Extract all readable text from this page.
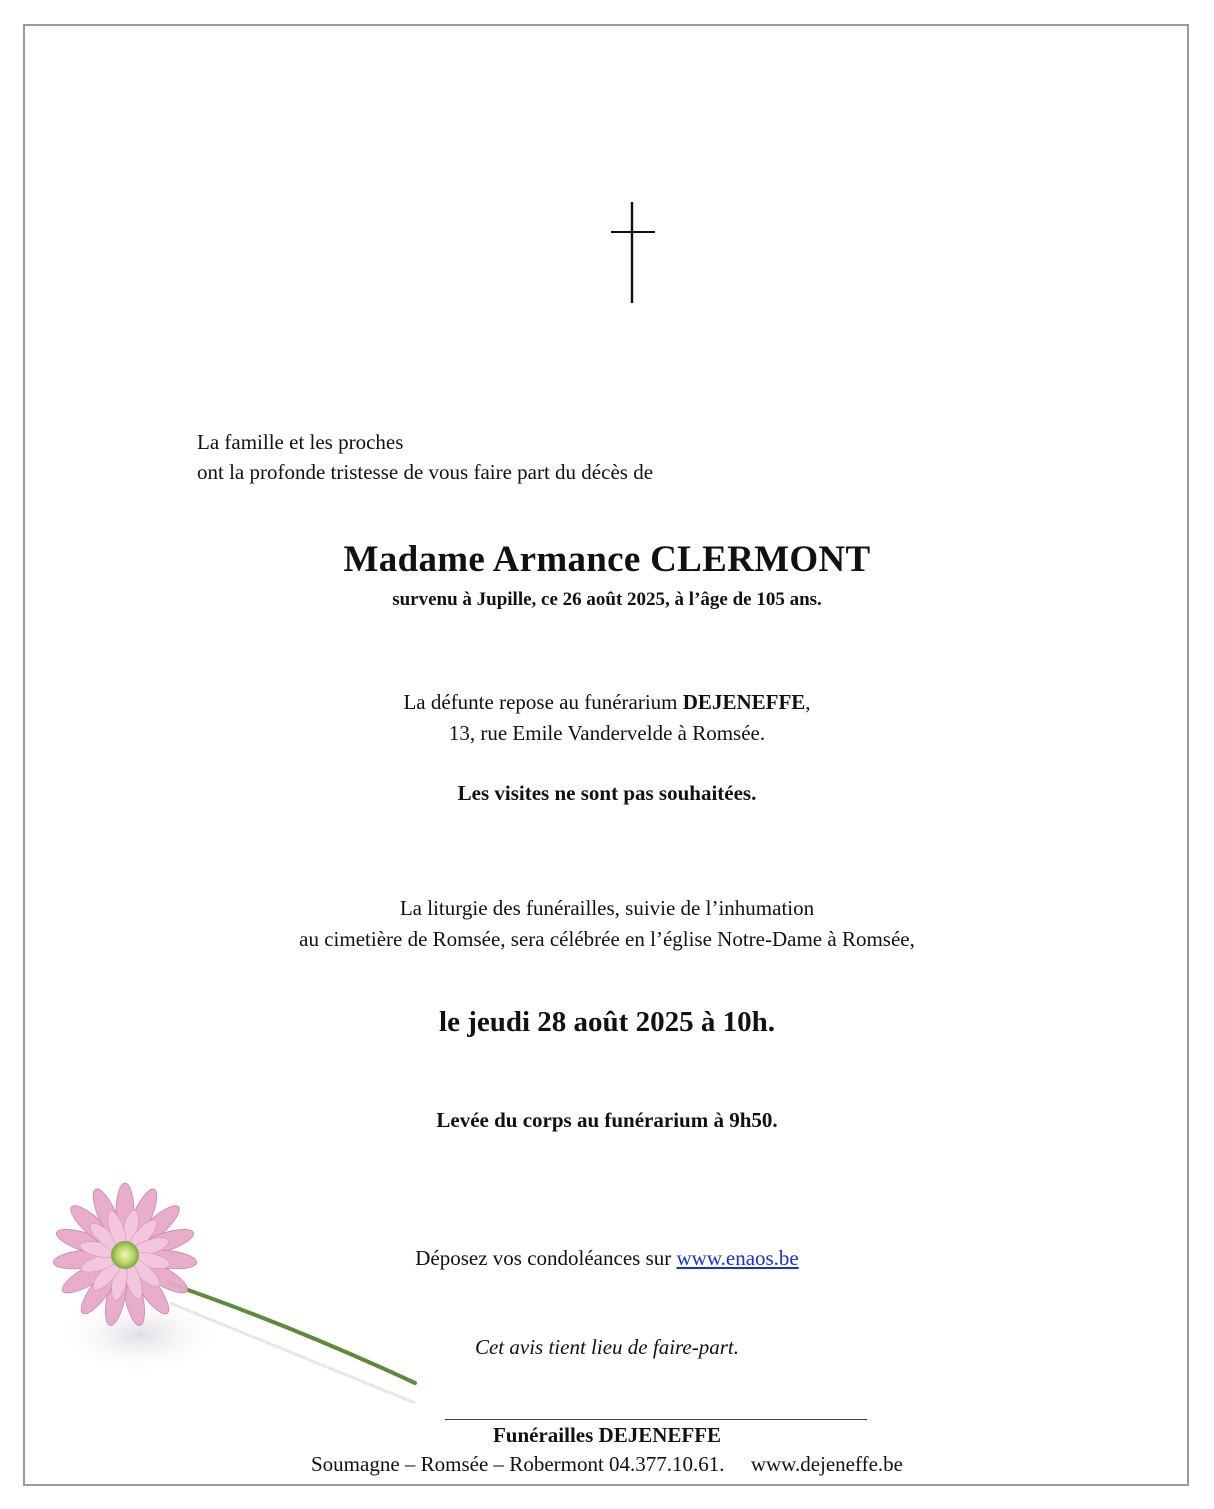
La famille et les proches
ont la profonde tristesse de vous faire part du décès de
Madame Armance CLERMONT
survenu à Jupille, ce 26 août 2025, à l’âge de 105 ans.
La défunte repose au funérarium DEJENEFFE,
13, rue Emile Vandervelde à Romsée.
Les visites ne sont pas souhaitées.
La liturgie des funérailles, suivie de l’inhumation
au cimetière de Romsée, sera célébrée en l’église Notre-Dame à Romsée,
le jeudi 28 août 2025 à 10h.
Levée du corps au funérarium à 9h50.
Déposez vos condoléances sur www.enaos.be
Cet avis tient lieu de faire-part.
Funérailles DEJENEFFE
Soumagne – Romsée – Robermont 04.377.10.61. www.dejeneffe.be
